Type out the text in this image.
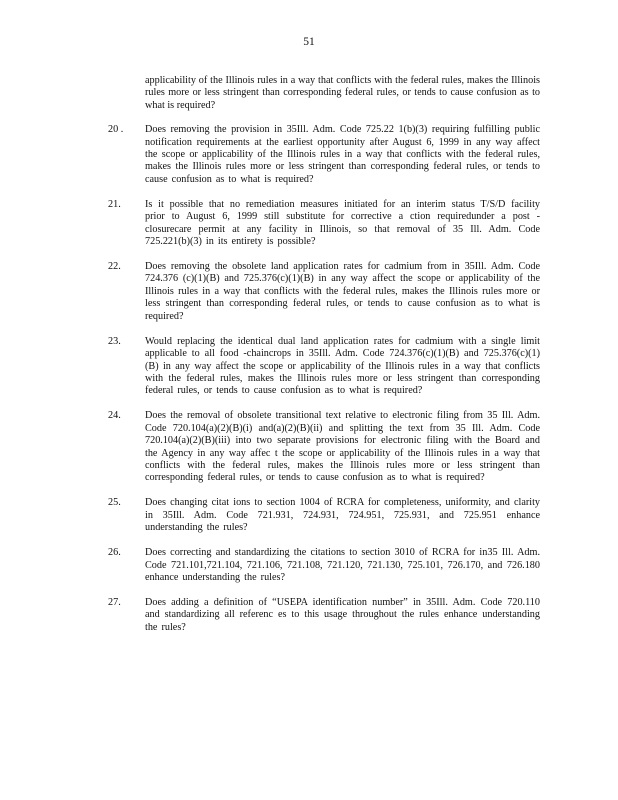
51
applicability of the Illinois rules in a way that conflicts with the federal rules, makes the Illinois rules more or less stringent than corresponding federal rules, or tends to cause confusion as to what is required?
20 .	Does removing the provision in 35Ill. Adm. Code 725.22 1(b)(3) requiring fulfilling public notification requirements at the earliest opportunity after August 6, 1999 in any way affect the scope or applicability of the Illinois rules in a way that conflicts with the federal rules, makes the Illinois rules more or less stringent than corresponding federal rules, or tends to cause confusion as to what is required?
21.	Is it possible that no remediation measures initiated for an interim status T/S/D facility prior to August 6, 1999 still substitute for corrective a ction requiredunder a post -closurecare permit at any facility in Illinois, so that removal of 35 Ill. Adm. Code 725.221(b)(3) in its entirety is possible?
22.	Does removing the obsolete land application rates for cadmium from in 35Ill. Adm. Code 724.376 (c)(1)(B) and 725.376(c)(1)(B) in any way affect the scope or applicability of the Illinois rules in a way that conflicts with the federal rules, makes the Illinois rules more or less stringent than corresponding federal rules, or tends to cause confusion as to what is required?
23.	Would replacing the identical dual land application rates for cadmium with a single limit applicable to all food -chaincrops in 35Ill. Adm. Code 724.376(c)(1)(B) and 725.376(c)(1)(B) in any way affect the scope or applicability of the Illinois rules in a way that conflicts with the federal rules, makes the Illinois rules more or less stringent than corresponding federal rules, or tends to cause confusion as to what is required?
24.	Does the removal of obsolete transitional text relative to electronic filing from 35 Ill. Adm. Code 720.104(a)(2)(B)(i) and(a)(2)(B)(ii) and splitting the text from 35 Ill. Adm. Code 720.104(a)(2)(B)(iii) into two separate provisions for electronic filing with the Board and the Agency in any way affec t the scope or applicability of the Illinois rules in a way that conflicts with the federal rules, makes the Illinois rules more or less stringent than corresponding federal rules, or tends to cause confusion as to what is required?
25.	Does changing citat ions to section 1004 of RCRA for completeness, uniformity, and clarity in 35Ill. Adm. Code 721.931, 724.931, 724.951, 725.931, and 725.951 enhance understanding the rules?
26.	Does correcting and standardizing the citations to section 3010 of RCRA for in35 Ill. Adm. Code 721.101,721.104, 721.106, 721.108, 721.120, 721.130, 725.101, 726.170, and 726.180 enhance understanding the rules?
27.	Does adding a definition of “USEPA identification number” in 35Ill. Adm. Code 720.110 and standardizing all referenc es to this usage throughout the rules enhance understanding the rules?
